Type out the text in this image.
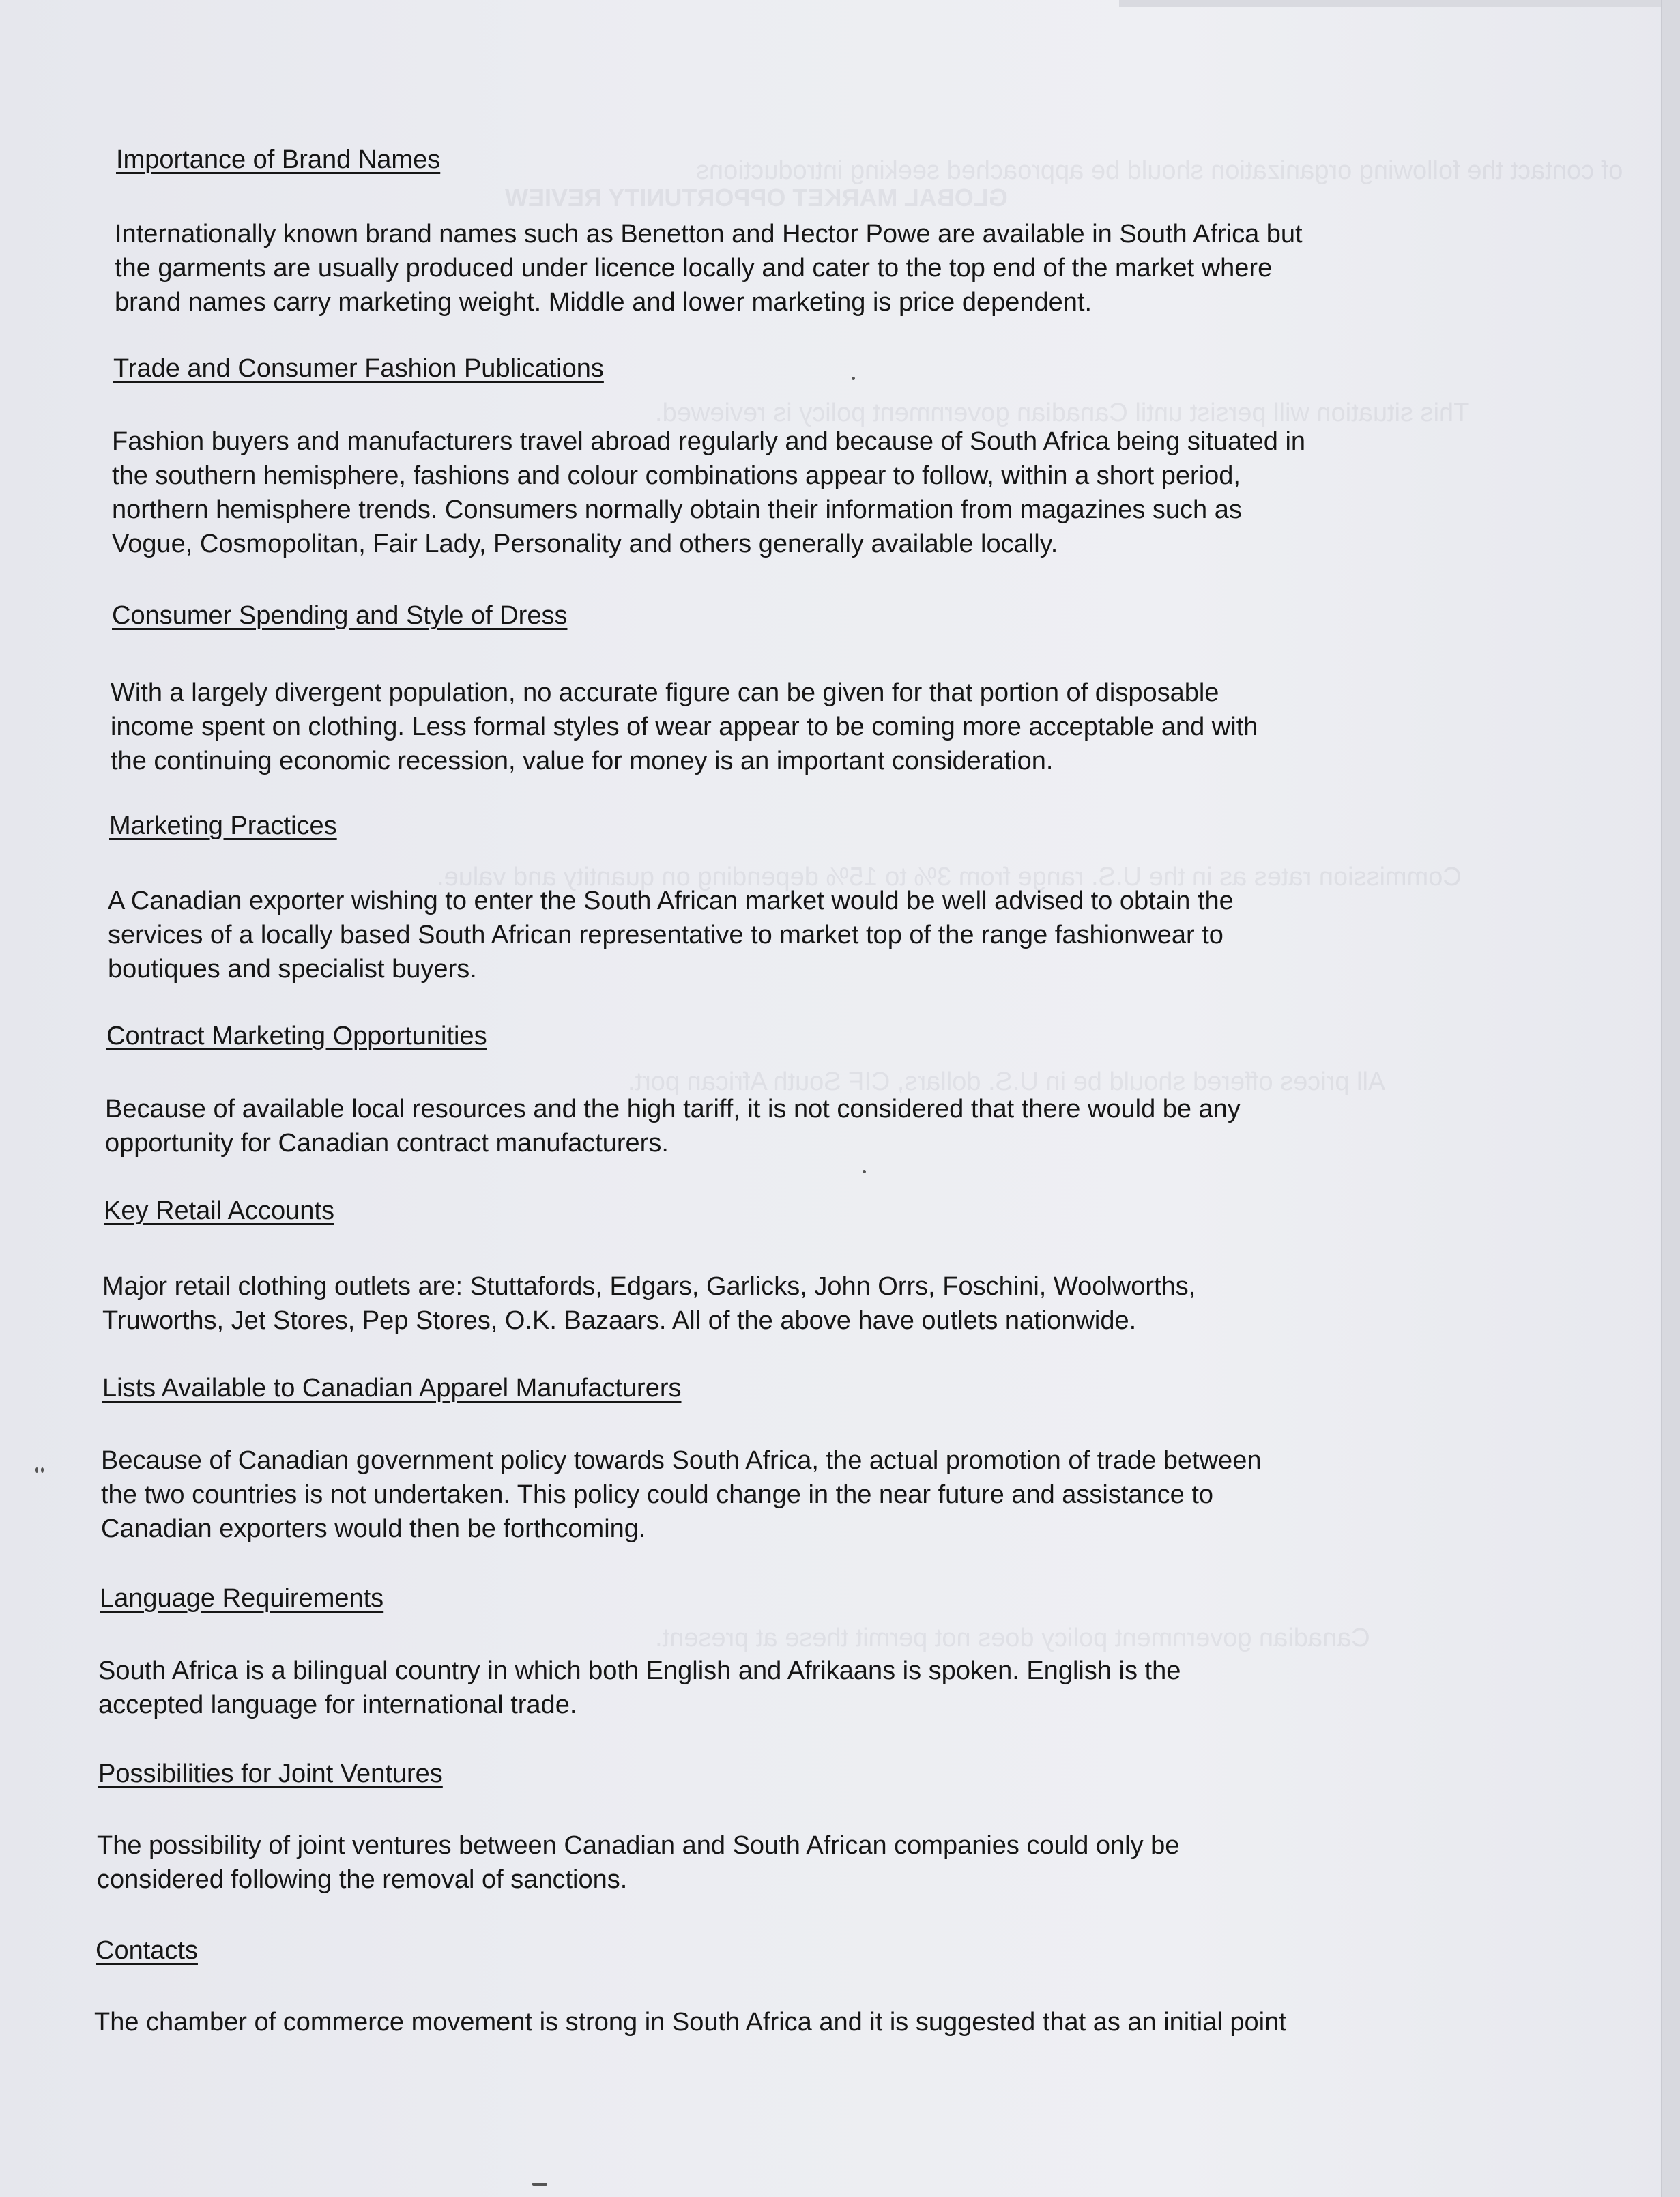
of contact the following organization should be approached seeking introductions
GLOBAL MARKET OPPORTUNITY REVIEW
This situation will persist until Canadian government policy is reviewed.
Commission rates as in the U.S. range from 3% to 15% depending on quantity and value.
All prices offered should be in U.S. dollars, CIF South African port.
Canadian government policy does not permit these at present.
Importance of Brand Names
Internationally known brand names such as Benetton and Hector Powe are available in South Africa but
the garments are usually produced under licence locally and cater to the top end of the market where
brand names carry marketing weight. Middle and lower marketing is price dependent.
Trade and Consumer Fashion Publications
Fashion buyers and manufacturers travel abroad regularly and because of South Africa being situated in
the southern hemisphere, fashions and colour combinations appear to follow, within a short period,
northern hemisphere trends. Consumers normally obtain their information from magazines such as
Vogue, Cosmopolitan, Fair Lady, Personality and others generally available locally.
Consumer Spending and Style of Dress
With a largely divergent population, no accurate figure can be given for that portion of disposable
income spent on clothing. Less formal styles of wear appear to be coming more acceptable and with
the continuing economic recession, value for money is an important consideration.
Marketing Practices
A Canadian exporter wishing to enter the South African market would be well advised to obtain the
services of a locally based South African representative to market top of the range fashionwear to
boutiques and specialist buyers.
Contract Marketing Opportunities
Because of available local resources and the high tariff, it is not considered that there would be any
opportunity for Canadian contract manufacturers.
Key Retail Accounts
Major retail clothing outlets are: Stuttafords, Edgars, Garlicks, John Orrs, Foschini, Woolworths,
Truworths, Jet Stores, Pep Stores, O.K. Bazaars. All of the above have outlets nationwide.
Lists Available to Canadian Apparel Manufacturers
Because of Canadian government policy towards South Africa, the actual promotion of trade between
the two countries is not undertaken. This policy could change in the near future and assistance to
Canadian exporters would then be forthcoming.
Language Requirements
South Africa is a bilingual country in which both English and Afrikaans is spoken. English is the
accepted language for international trade.
Possibilities for Joint Ventures
The possibility of joint ventures between Canadian and South African companies could only be
considered following the removal of sanctions.
Contacts
The chamber of commerce movement is strong in South Africa and it is suggested that as an initial point
